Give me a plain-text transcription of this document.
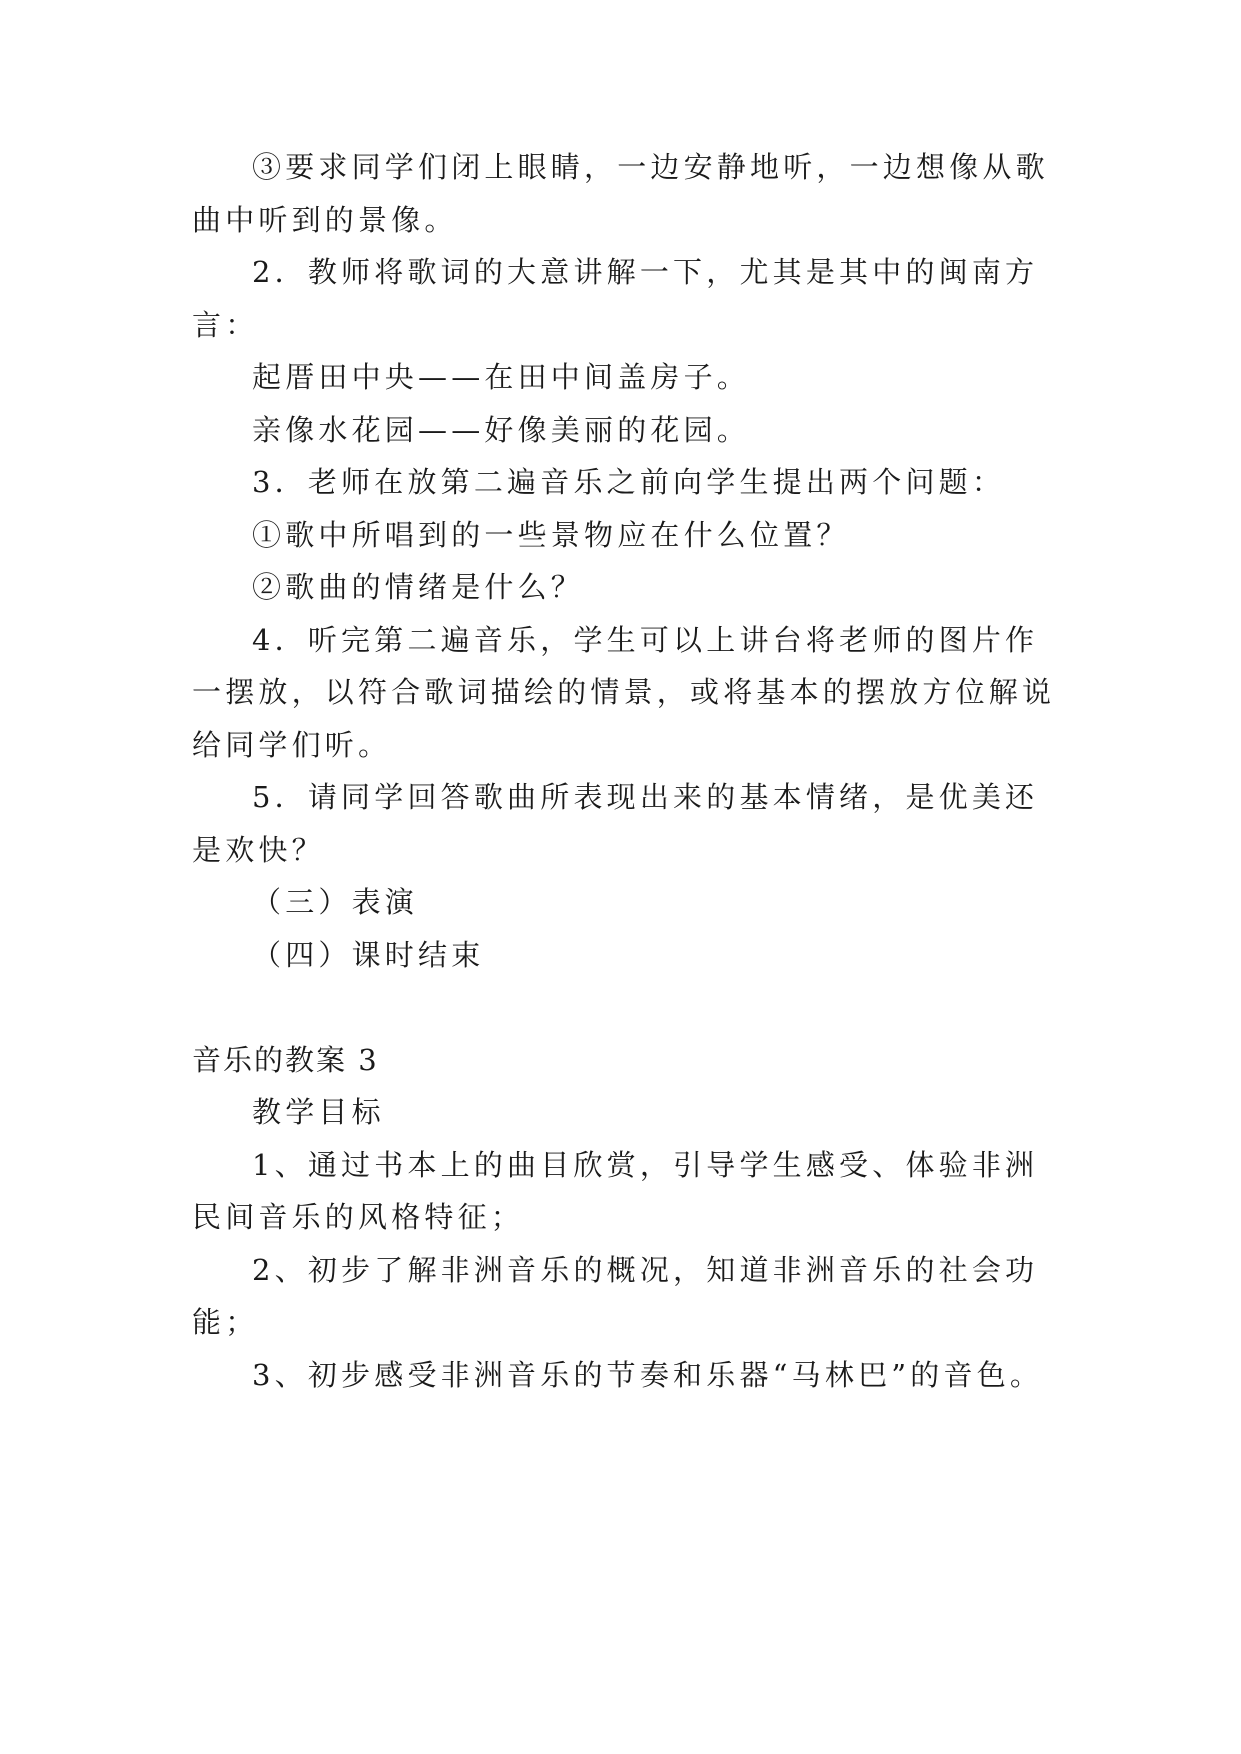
③要求同学们闭上眼睛，一边安静地听，一边想像从歌
曲中听到的景像。
2．教师将歌词的大意讲解一下，尤其是其中的闽南方
言：
起厝田中央——在田中间盖房子。
亲像水花园——好像美丽的花园。
3．老师在放第二遍音乐之前向学生提出两个问题：
①歌中所唱到的一些景物应在什么位置？
②歌曲的情绪是什么？
4．听完第二遍音乐，学生可以上讲台将老师的图片作
一摆放，以符合歌词描绘的情景，或将基本的摆放方位解说
给同学们听。
5．请同学回答歌曲所表现出来的基本情绪，是优美还
是欢快？
（三）表演
（四）课时结束
音乐的教案 3
教学目标
1、通过书本上的曲目欣赏，引导学生感受、体验非洲
民间音乐的风格特征；
2、初步了解非洲音乐的概况，知道非洲音乐的社会功
能；
3、初步感受非洲音乐的节奏和乐器“马林巴”的音色。
